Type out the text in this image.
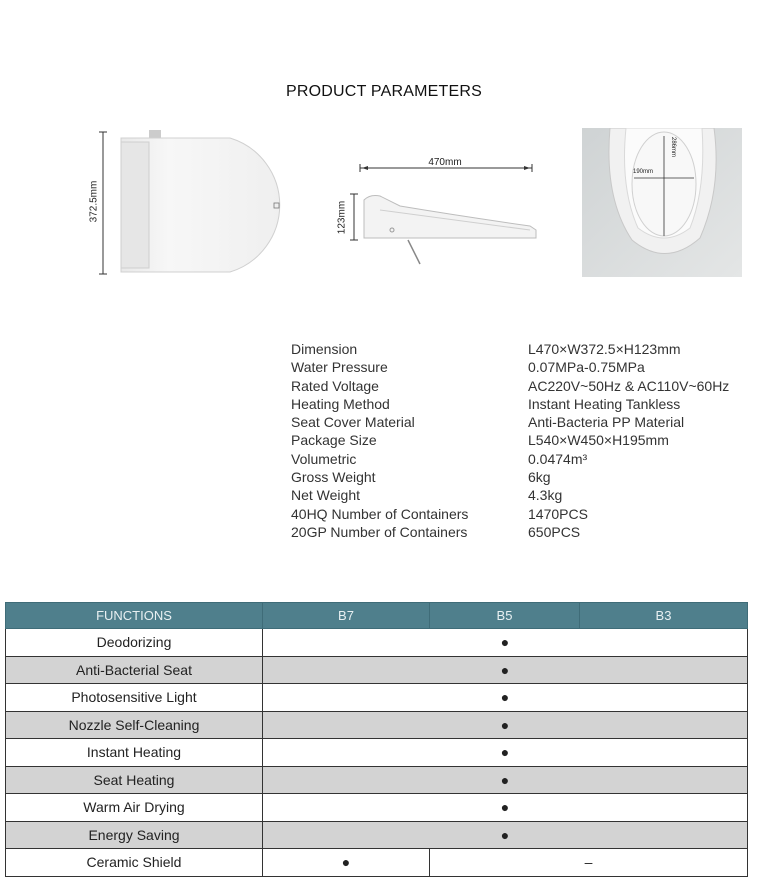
PRODUCT PARAMETERS
372.5mm
470mm
123mm
286mm
190mm
Dimension	L470×W372.5×H123mm
Water Pressure	0.07MPa-0.75MPa
Rated Voltage	AC220V~50Hz & AC110V~60Hz
Heating Method	Instant Heating Tankless
Seat Cover Material	Anti-Bacteria PP Material
Package Size	L540×W450×H195mm
Volumetric	0.0474m³
Gross Weight	6kg
Net Weight	4.3kg
40HQ Number of Containers	1470PCS
20GP Number of Containers	650PCS
FUNCTIONS	B7	B5	B3
Deodorizing	●		
Anti-Bacterial Seat	●		
Photosensitive Light	●		
Nozzle Self-Cleaning	●		
Instant Heating	●		
Seat Heating	●		
Warm Air Drying	●		
Energy Saving	●		
Ceramic Shield	●	–	
